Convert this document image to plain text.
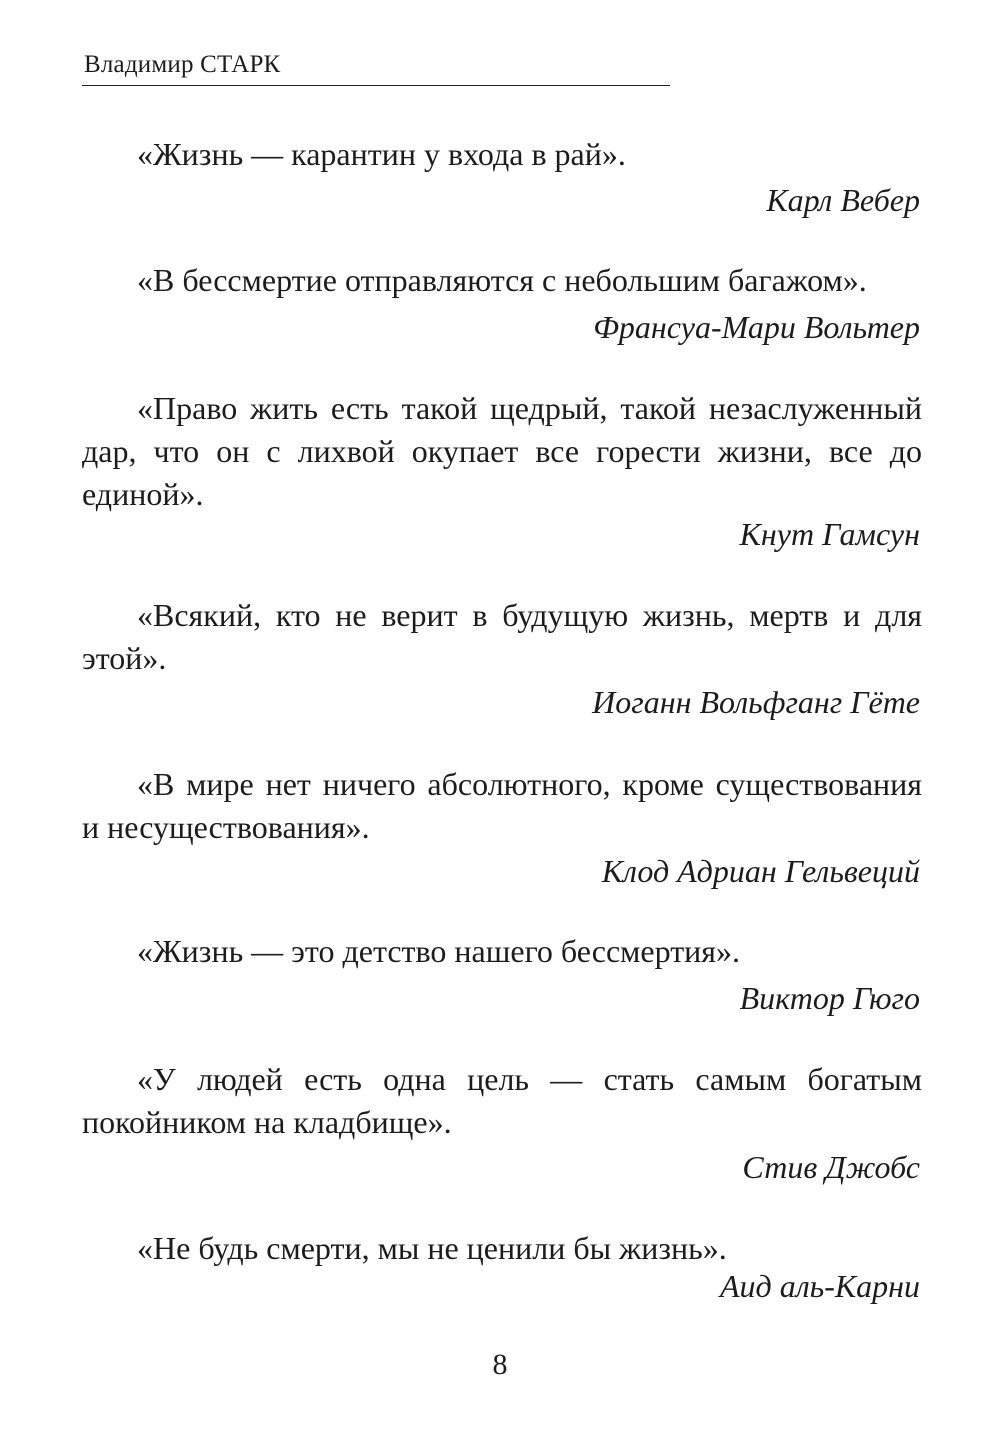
Владимир СТАРК

«Жизнь — карантин у входа в рай».

Карл Вебер

«В бессмертие отправляются с небольшим багажом».

Франсуа-Мари Вольтер

«Право жить есть такой щедрый, такой незаслуженный дар, что он с лихвой окупает все горести жизни, все до единой».

Кнут Гамсун

«Всякий, кто не верит в будущую жизнь, мертв и для этой».

Иоганн Вольфганг Гёте

«В мире нет ничего абсолютного, кроме существования и несуществования».

Клод Адриан Гельвеций

«Жизнь — это детство нашего бессмертия».

Виктор Гюго

«У людей есть одна цель — стать самым богатым покойником на кладбище».

Стив Джобс

«Не будь смерти, мы не ценили бы жизнь».

Аид аль-Карни
8
